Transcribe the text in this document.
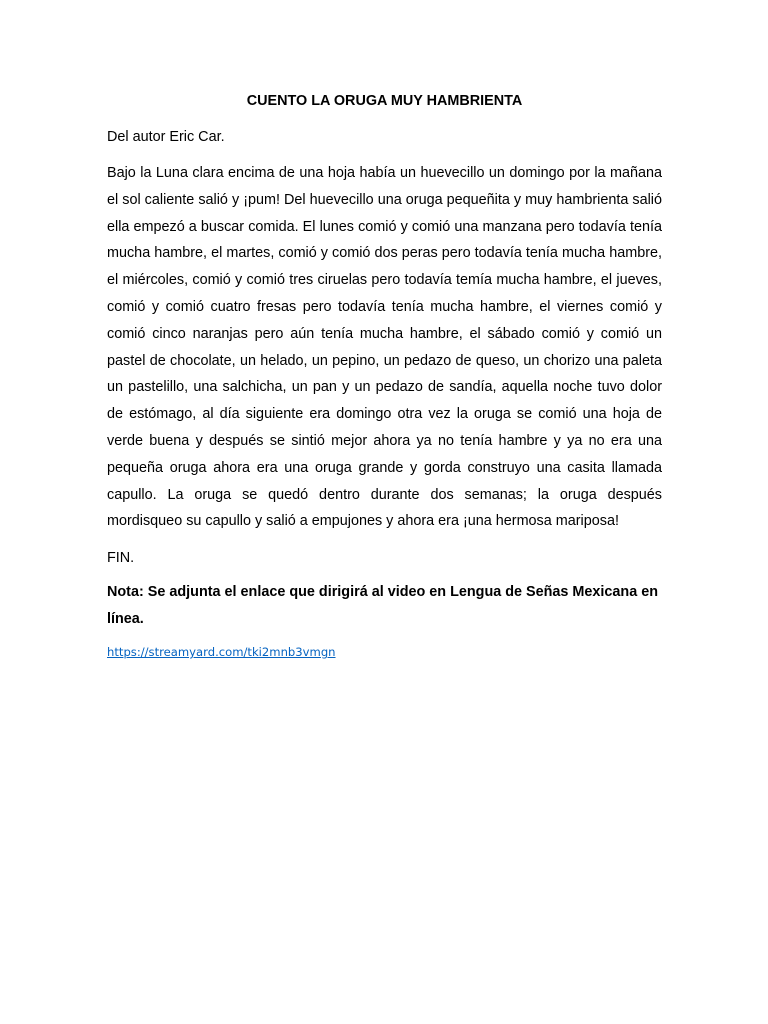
CUENTO LA ORUGA MUY HAMBRIENTA
Del autor Eric Car.
Bajo la Luna clara encima de una hoja había un huevecillo un domingo por la mañana el sol caliente salió y ¡pum! Del huevecillo una oruga pequeñita y muy hambrienta salió ella empezó a buscar comida. El lunes comió y comió una manzana pero todavía tenía mucha hambre, el martes, comió y comió dos peras pero todavía tenía mucha hambre, el miércoles, comió y comió tres ciruelas pero todavía temía mucha hambre, el jueves, comió y comió cuatro fresas pero todavía tenía mucha hambre, el viernes comió y comió cinco naranjas pero aún tenía mucha hambre, el sábado comió y comió un pastel de chocolate, un helado, un pepino, un pedazo de queso, un chorizo una paleta un pastelillo, una salchicha, un pan y un pedazo de sandía, aquella noche tuvo dolor de estómago, al día siguiente era domingo otra vez la oruga se comió una hoja de verde buena y después se sintió mejor ahora ya no tenía hambre y ya no era una pequeña oruga ahora era una oruga grande y gorda construyo una casita llamada capullo. La oruga se quedó dentro durante dos semanas; la oruga después mordisqueo su capullo y salió a empujones y ahora era ¡una hermosa mariposa!
FIN.
Nota: Se adjunta el enlace que dirigirá al video en Lengua de Señas Mexicana en línea.
https://streamyard.com/tki2mnb3vmgn
